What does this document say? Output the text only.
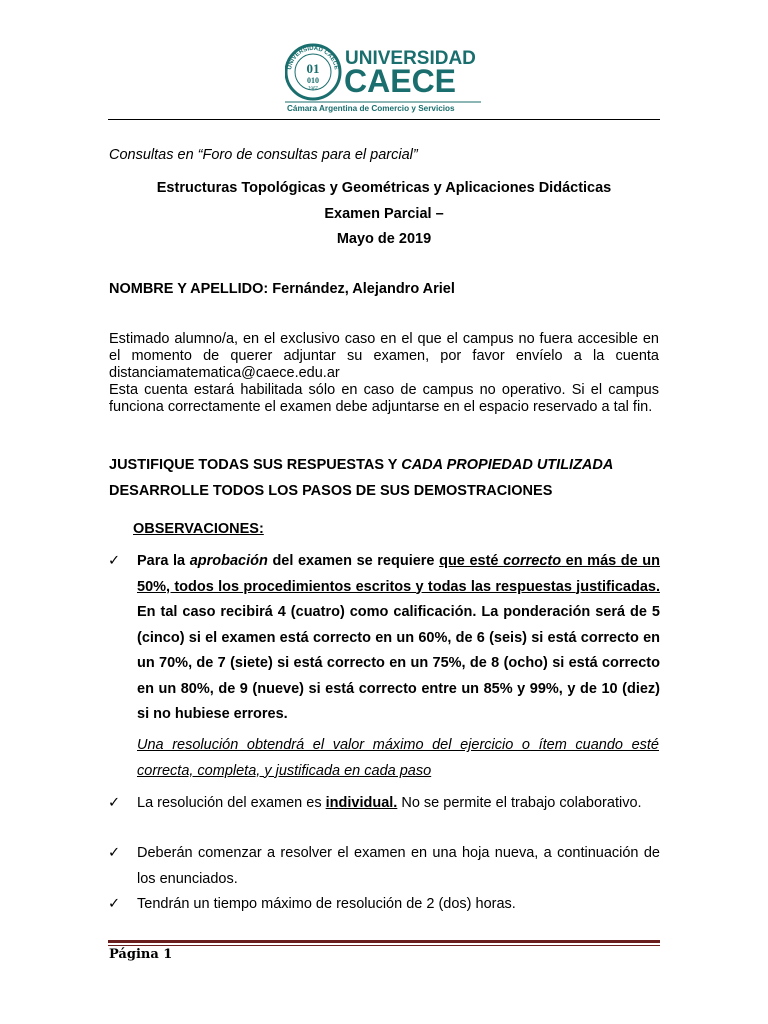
UNIVERSIDAD CAECE
1967
01
010
UNIVERSIDAD
CAECE
Cámara Argentina de Comercio y Servicios
Consultas en “Foro de consultas para el parcial”
Estructuras Topológicas y Geométricas y Aplicaciones Didácticas
Examen Parcial –
Mayo de 2019
NOMBRE Y APELLIDO: Fernández, Alejandro Ariel

Estimado alumno/a, en el exclusivo caso en el que el campus no fuera accesible en el momento de querer adjuntar su examen, por favor envíelo a la cuenta distanciamatematica@caece.edu.ar

Esta cuenta estará habilitada sólo en caso de campus no operativo. Si el campus funciona correctamente el examen debe adjuntarse en el espacio reservado a tal fin.

JUSTIFIQUE TODAS SUS RESPUESTAS Y CADA PROPIEDAD UTILIZADA
DESARROLLE TODOS LOS PASOS DE SUS DEMOSTRACIONES
OBSERVACIONES:
✓	Para la aprobación del examen se requiere que esté correcto en más de un 50%, todos los procedimientos escritos y todas las respuestas justificadas. En tal caso recibirá 4 (cuatro) como calificación. La ponderación será de 5 (cinco) si el examen está correcto en un 60%, de 6 (seis) si está correcto en un 70%, de 7 (siete) si está correcto en un 75%, de 8 (ocho) si está correcto en un 80%, de 9 (nueve) si está correcto entre un 85% y 99%, y de 10 (diez) si no hubiese errores.
Una resolución obtendrá el valor máximo del ejercicio o ítem cuando esté correcta, completa, y justificada en cada paso
✓	La resolución del examen es individual. No se permite el trabajo colaborativo.
✓	Deberán comenzar a resolver el examen en una hoja nueva, a continuación de los enunciados.
✓	Tendrán un tiempo máximo de resolución de 2 (dos) horas.
Página 1
